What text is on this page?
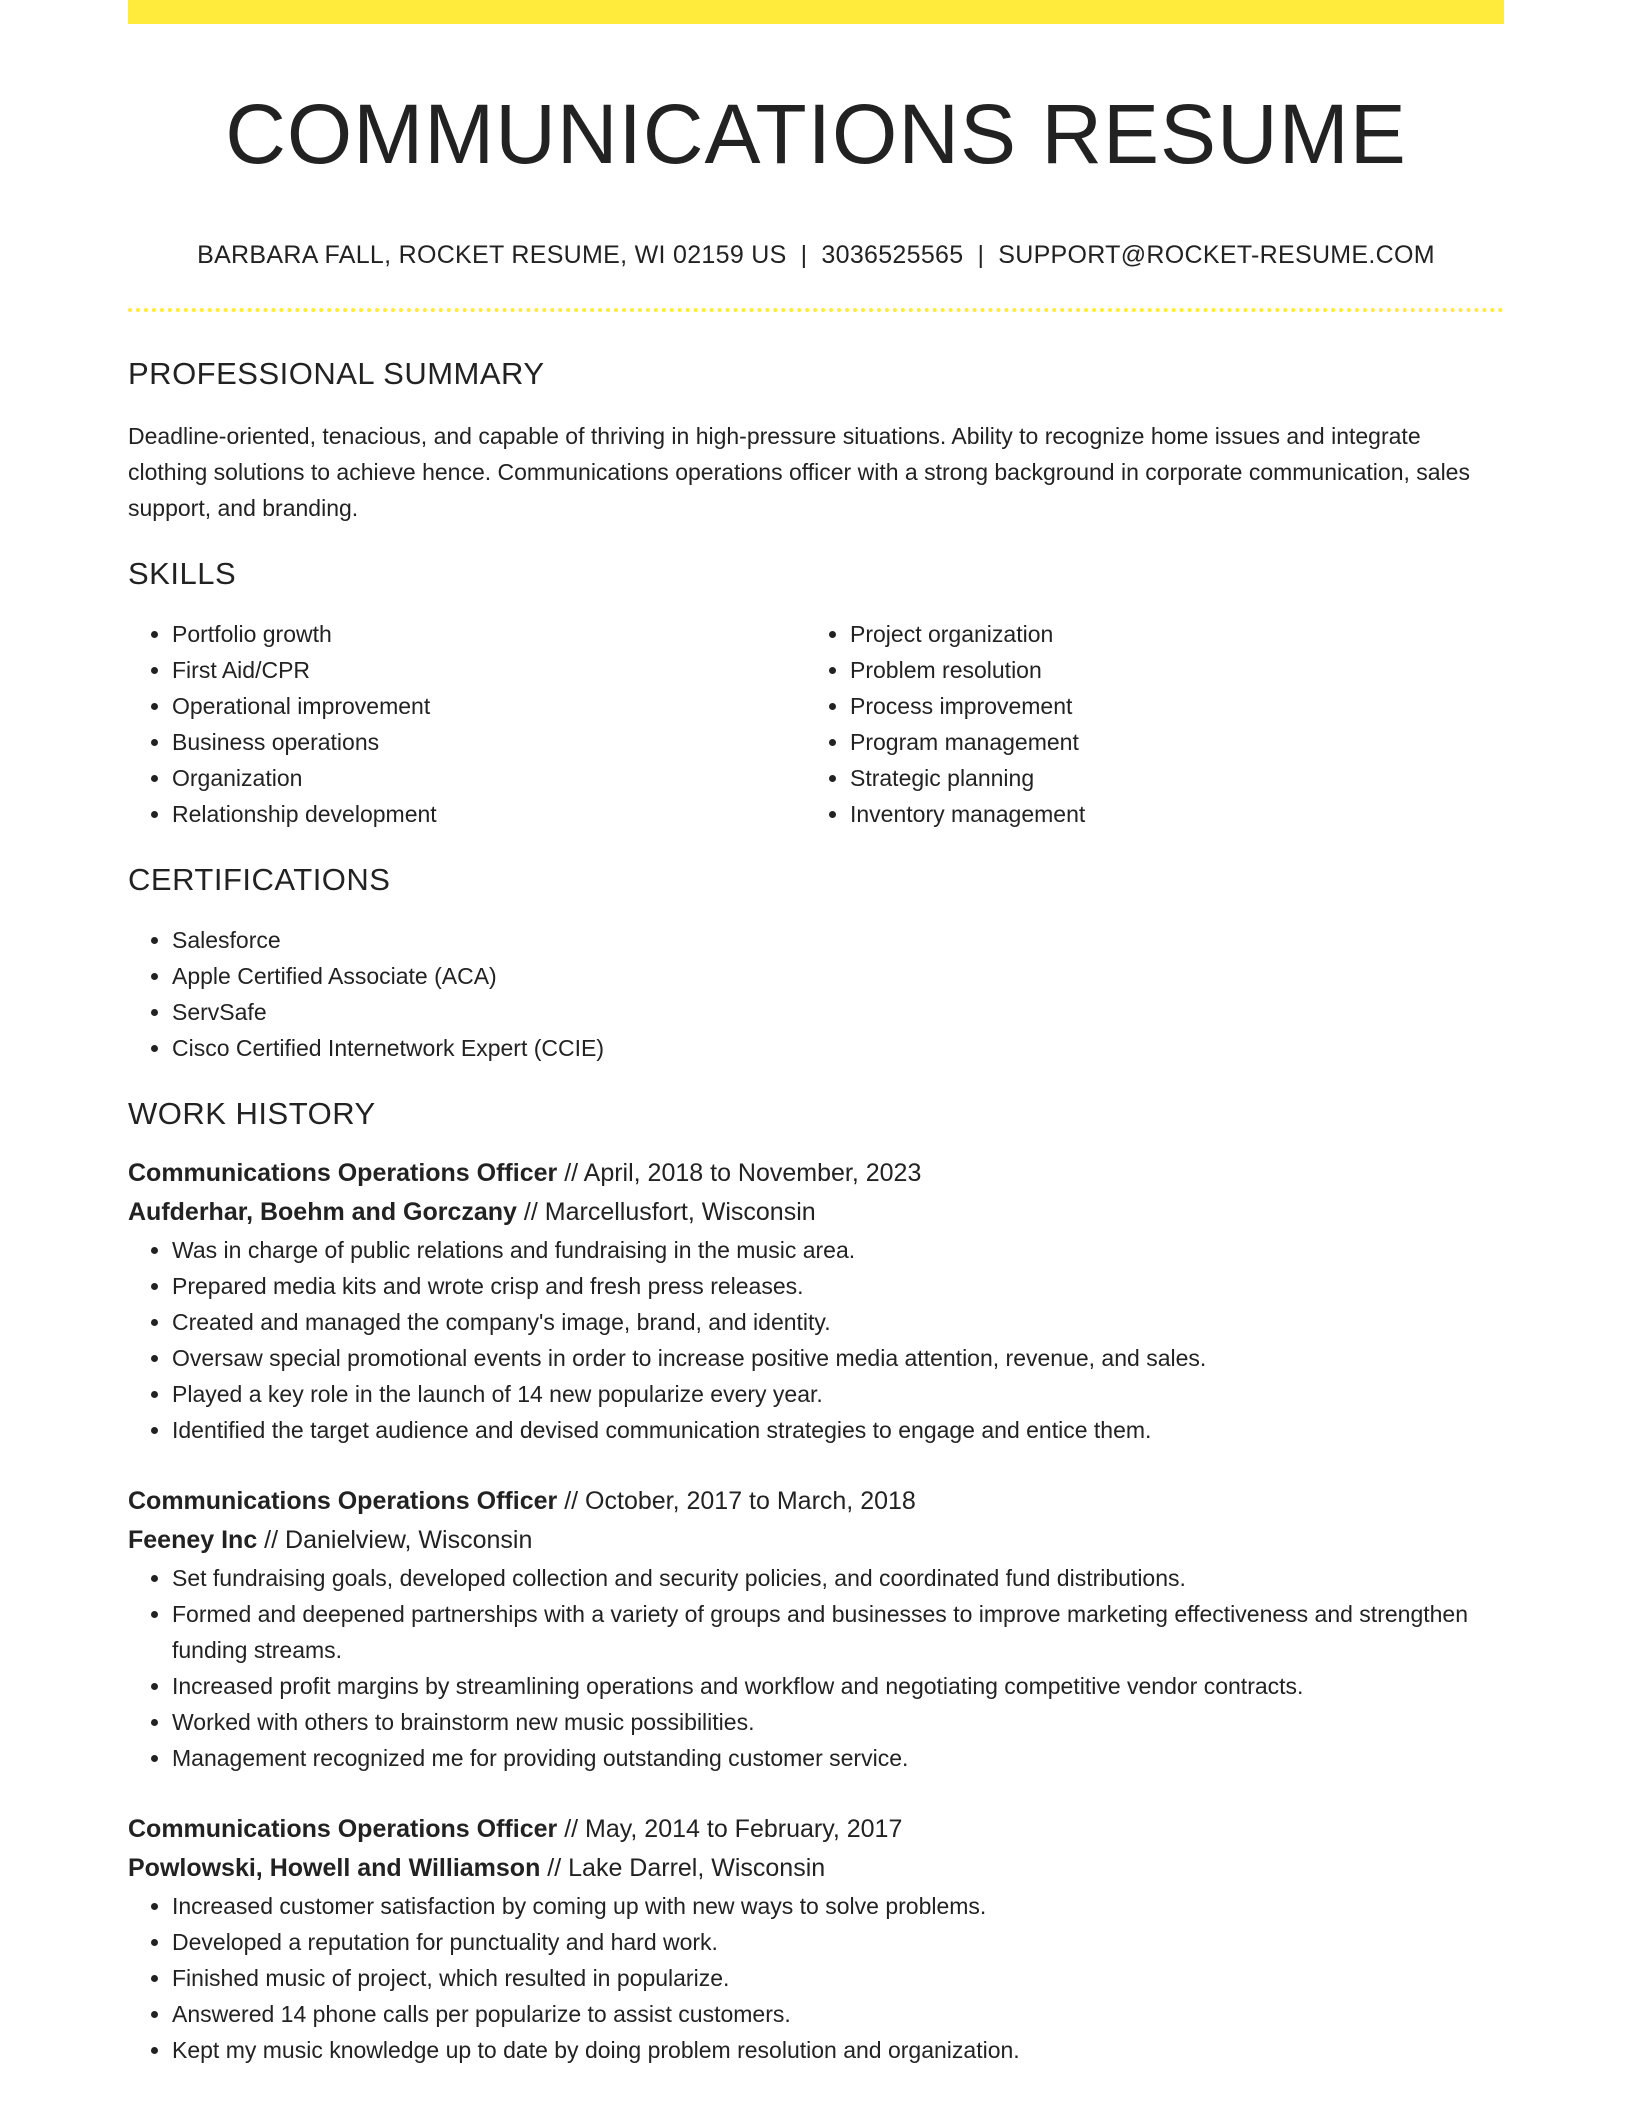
COMMUNICATIONS RESUME
BARBARA FALL, ROCKET RESUME, WI 02159 US | 3036525565 | SUPPORT@ROCKET-RESUME.COM
PROFESSIONAL SUMMARY

Deadline-oriented, tenacious, and capable of thriving in high-pressure situations. Ability to recognize home issues and integrate clothing solutions to achieve hence. Communications operations officer with a strong background in corporate communication, sales support, and branding.

SKILLS
• Portfolio growth
• First Aid/CPR
• Operational improvement
• Business operations
• Organization
• Relationship development
• Project organization
• Problem resolution
• Process improvement
• Program management
• Strategic planning
• Inventory management
CERTIFICATIONS
• Salesforce
• Apple Certified Associate (ACA)
• ServSafe
• Cisco Certified Internetwork Expert (CCIE)
WORK HISTORY
Communications Operations Officer // April, 2018 to November, 2023
Aufderhar, Boehm and Gorczany // Marcellusfort, Wisconsin
• Was in charge of public relations and fundraising in the music area.
• Prepared media kits and wrote crisp and fresh press releases.
• Created and managed the company's image, brand, and identity.
• Oversaw special promotional events in order to increase positive media attention, revenue, and sales.
• Played a key role in the launch of 14 new popularize every year.
• Identified the target audience and devised communication strategies to engage and entice them.
Communications Operations Officer // October, 2017 to March, 2018
Feeney Inc // Danielview, Wisconsin
• Set fundraising goals, developed collection and security policies, and coordinated fund distributions.
• Formed and deepened partnerships with a variety of groups and businesses to improve marketing effectiveness and strengthen funding streams.
• Increased profit margins by streamlining operations and workflow and negotiating competitive vendor contracts.
• Worked with others to brainstorm new music possibilities.
• Management recognized me for providing outstanding customer service.
Communications Operations Officer // May, 2014 to February, 2017
Powlowski, Howell and Williamson // Lake Darrel, Wisconsin
• Increased customer satisfaction by coming up with new ways to solve problems.
• Developed a reputation for punctuality and hard work.
• Finished music of project, which resulted in popularize.
• Answered 14 phone calls per popularize to assist customers.
• Kept my music knowledge up to date by doing problem resolution and organization.
